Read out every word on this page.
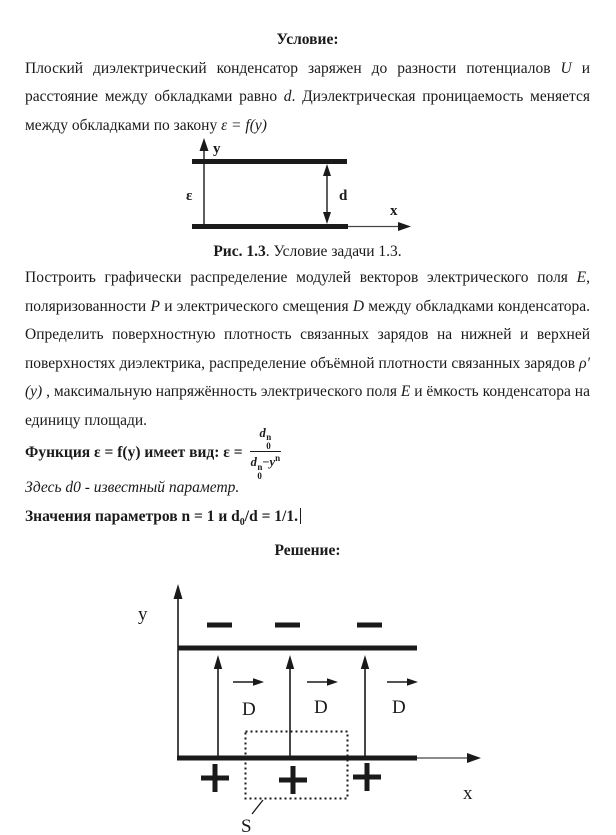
Условие:

Плоский диэлектрический конденсатор заряжен до разности потенциалов U и расстояние между обкладками равно d. Диэлектрическая проницаемость меняется между обкладками по закону ε = f(y)

y
ε	d
x
Рис. 1.3. Условие задачи 1.3.

Построить графически распределение модулей векторов электрического поля E, поляризованности P и электрического смещения D между обкладками конденсатора. Определить поверхностную плотность связанных зарядов на нижней и верхней поверхностях диэлектрика, распределение объёмной плотности связанных зарядов ρ′(y) , максимальную напряжённость электрического поля E и ёмкость конденсатора на единицу площади.

Функция ε = f(y) имеет вид: ε = d n
0
d n
0
$-y^n$

Здесь d0 - известный параметр.

Значения параметров n = 1 и $d_0/d = 1/1$.

Решение:
y
D	D	D
x
S
